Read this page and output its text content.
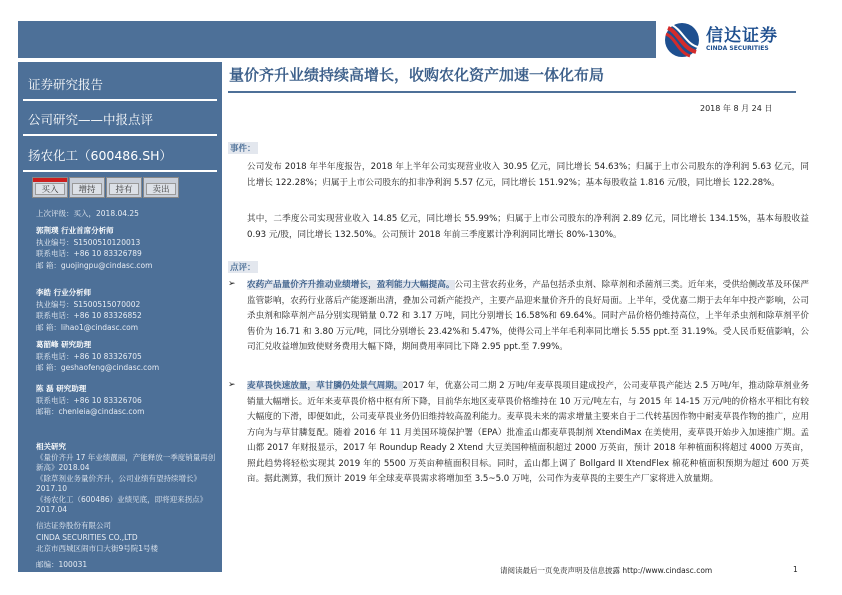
信达证券
CINDA SECURITIES
证券研究报告
公司研究——中报点评
扬农化工（600486.SH）
买入	增持	持有	卖出
上次评级：买入，2018.04.25
郭荆璞 行业首席分析师
执业编号：S1500510120013
联系电话：+86 10 83326789
邮 箱：guojingpu@cindasc.com
李皓 行业分析师
执业编号：S1500515070002
联系电话：+86 10 83326852
邮 箱：lihao1@cindasc.com
葛韶峰 研究助理
联系电话：+86 10 83326705
邮 箱：geshaofeng@cindasc.com
陈 磊 研究助理
联系电话：+86 10 83326706
邮箱：chenleia@cindasc.com
相关研究
《量价齐升 17 年业绩靓丽，产能释放一季度销量再创新高》2018.04
《除草剂业务量价齐升，公司业绩有望持续增长》2017.10
《扬农化工（600486）业绩见底，即将迎来拐点》2017.04
信达证券股份有限公司
CINDA SECURITIES CO.,LTD
北京市西城区闹市口大街9号院1号楼
邮编：100031
量价齐升业绩持续高增长，收购农化资产加速一体化布局
2018 年 8 月 24 日
事件：
公司发布 2018 年半年度报告，2018 年上半年公司实现营业收入 30.95 亿元，同比增长 54.63%；归属于上市公司股东的净利润 5.63 亿元，同比增长 122.28%；归属于上市公司股东的扣非净利润 5.57 亿元，同比增长 151.92%；基本每股收益 1.816 元/股，同比增长 122.28%。
其中，二季度公司实现营业收入 14.85 亿元，同比增长 55.99%；归属于上市公司股东的净利润 2.89 亿元，同比增长 134.15%，基本每股收益 0.93 元/股，同比增长 132.50%。公司预计 2018 年前三季度累计净利润同比增长 80%-130%。
点评：
➢ 农药产品量价齐升推动业绩增长，盈利能力大幅提高。公司主营农药业务，产品包括杀虫剂、除草剂和杀菌剂三类。近年来，受供给侧改革及环保严监管影响，农药行业落后产能逐渐出清，叠加公司新产能投产，主要产品迎来量价齐升的良好局面。上半年，受优嘉二期于去年年中投产影响，公司杀虫剂和除草剂产品分别实现销量 0.72 和 3.17 万吨，同比分别增长 16.58%和 69.64%。同时产品价格仍维持高位，上半年杀虫剂和除草剂平价售价为 16.71 和 3.80 万元/吨，同比分别增长 23.42%和 5.47%，使得公司上半年毛利率同比增长 5.55 ppt.至 31.19%。受人民币贬值影响，公司汇兑收益增加致使财务费用大幅下降，期间费用率同比下降 2.95 ppt.至 7.99%。
➢ 麦草畏快速放量，草甘膦仍处景气周期。2017 年，优嘉公司二期 2 万吨/年麦草畏项目建成投产，公司麦草畏产能达 2.5 万吨/年，推动除草剂业务销量大幅增长。近年来麦草畏价格中枢有所下降，目前华东地区麦草畏价格维持在 10 万元/吨左右，与 2015 年 14-15 万元/吨的价格水平相比有较大幅度的下滑，即便如此，公司麦草畏业务仍旧维持较高盈利能力。麦草畏未来的需求增量主要来自于二代转基因作物中耐麦草畏作物的推广，应用方向为与草甘膦复配。随着 2016 年 11 月美国环境保护署（EPA）批准孟山都麦草畏制剂 XtendiMax 在美使用，麦草畏开始步入加速推广期。孟山都 2017 年财报显示，2017 年 Roundup Ready 2 Xtend 大豆美国种植面积超过 2000 万英亩，预计 2018 年种植面积将超过 4000 万英亩，照此趋势将轻松实现其 2019 年的 5500 万英亩种植面积目标。同时，孟山都上调了 Bollgard II XtendFlex 棉花种植面积预期为超过 600 万英亩。据此测算，我们预计 2019 年全球麦草畏需求将增加至 3.5~5.0 万吨，公司作为麦草畏的主要生产厂家将进入放量期。
请阅读最后一页免责声明及信息披露 http://www.cindasc.com	1
